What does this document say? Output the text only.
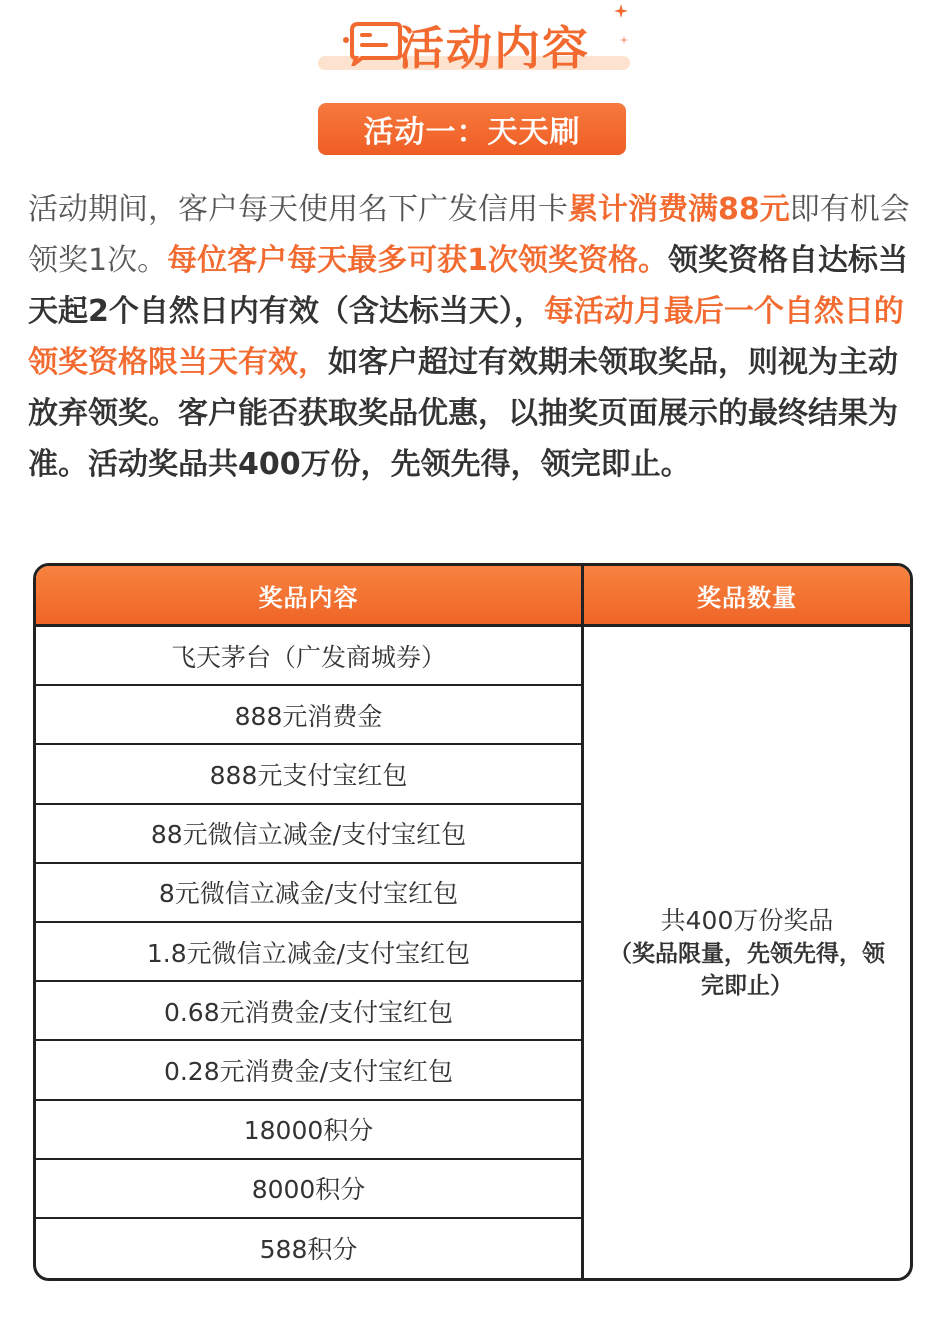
活动内容
活动一：天天刷
活动期间，客户每天使用名下广发信用卡累计消费满88元即有机会领奖1次。每位客户每天最多可获1次领奖资格。领奖资格自达标当天起2个自然日内有效（含达标当天），每活动月最后一个自然日的领奖资格限当天有效，如客户超过有效期未领取奖品，则视为主动放弃领奖。客户能否获取奖品优惠，以抽奖页面展示的最终结果为准。活动奖品共400万份，先领先得，领完即止。
奖品内容	奖品数量
飞天茅台（广发商城券）
888元消费金
888元支付宝红包
88元微信立减金/支付宝红包
8元微信立减金/支付宝红包
1.8元微信立减金/支付宝红包
0.68元消费金/支付宝红包
0.28元消费金/支付宝红包
18000积分
8000积分
588积分
共400万份奖品
（奖品限量，先领先得，领完即止）
